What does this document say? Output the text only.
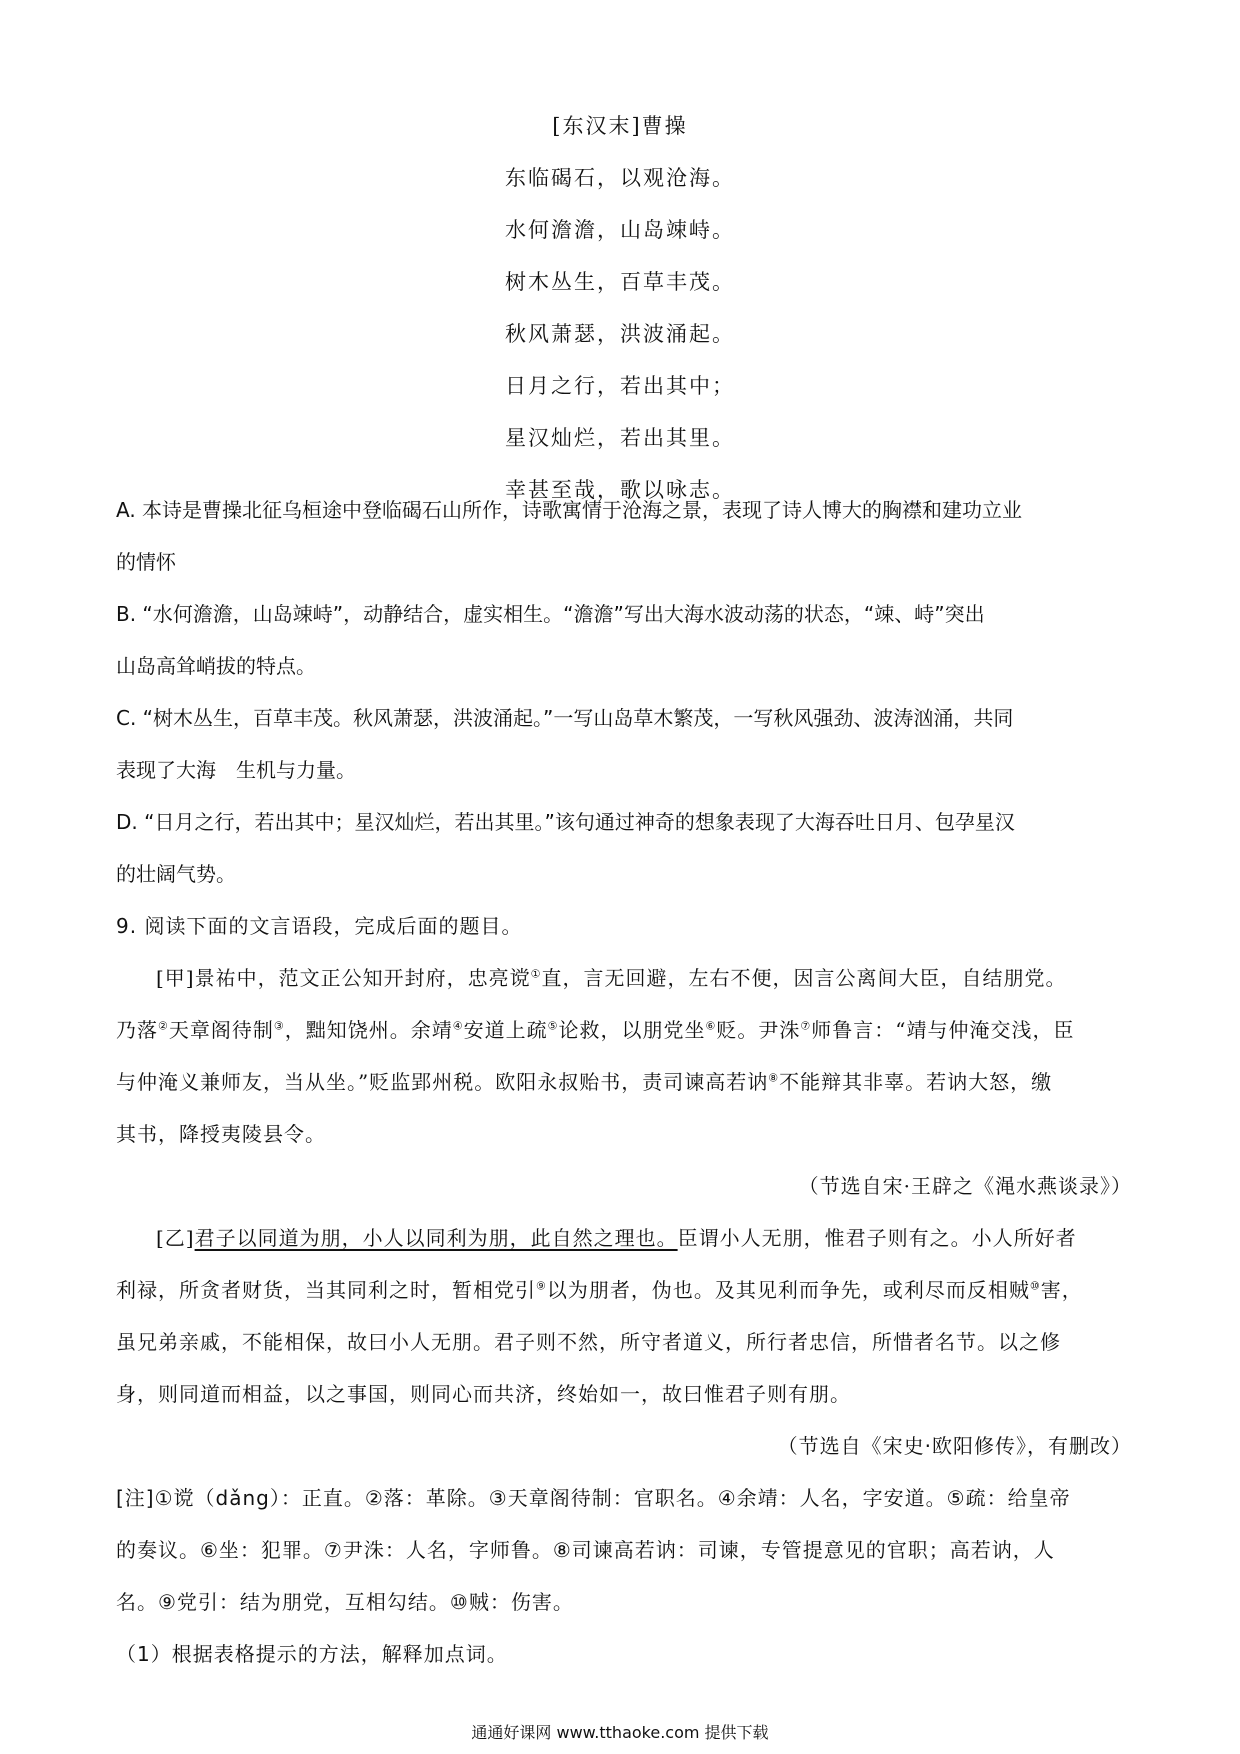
[东汉末]曹操
东临碣石，以观沧海。
水何澹澹，山岛竦峙。
树木丛生，百草丰茂。
秋风萧瑟，洪波涌起。
日月之行，若出其中；
星汉灿烂，若出其里。
幸甚至哉，歌以咏志。
A. 本诗是曹操北征乌桓途中登临碣石山所作，诗歌寓情于沧海之景，表现了诗人博大的胸襟和建功立业
的情怀
B. “水何澹澹，山岛竦峙”，动静结合，虚实相生。“澹澹”写出大海水波动荡的状态，“竦、峙”突出
山岛高耸峭拔的特点。
C. “树木丛生，百草丰茂。秋风萧瑟，洪波涌起。”一写山岛草木繁茂，一写秋风强劲、波涛汹涌，共同
表现了大海　生机与力量。
D. “日月之行，若出其中；星汉灿烂，若出其里。”该句通过神奇的想象表现了大海吞吐日月、包孕星汉
的壮阔气势。
9. 阅读下面的文言语段，完成后面的题目。
[甲]景祐中，范文正公知开封府，忠亮谠①直，言无回避，左右不便，因言公离间大臣，自结朋党。
乃落②天章阁待制③，黜知饶州。余靖④安道上疏⑤论救，以朋党坐⑥贬。尹洙⑦师鲁言：“靖与仲淹交浅，臣
与仲淹义兼师友，当从坐。”贬监郢州税。欧阳永叔贻书，责司谏高若讷⑧不能辩其非辜。若讷大怒，缴
其书，降授夷陵县令。
（节选自宋·王辟之《渑水燕谈录》）
[乙]君子以同道为朋，小人以同利为朋，此自然之理也。臣谓小人无朋，惟君子则有之。小人所好者
利禄，所贪者财货，当其同利之时，暂相党引⑨以为朋者，伪也。及其见利而争先，或利尽而反相贼⑩害，
虽兄弟亲戚，不能相保，故曰小人无朋。君子则不然，所守者道义，所行者忠信，所惜者名节。以之修
身，则同道而相益，以之事国，则同心而共济，终始如一，故曰惟君子则有朋。
（节选自《宋史·欧阳修传》，有删改）
[注]①谠（dǎng）：正直。②落：革除。③天章阁待制：官职名。④余靖：人名，字安道。⑤疏：给皇帝
的奏议。⑥坐：犯罪。⑦尹洙：人名，字师鲁。⑧司谏高若讷：司谏，专管提意见的官职；高若讷，人
名。⑨党引：结为朋党，互相勾结。⑩贼：伤害。
（1）根据表格提示的方法，解释加点词。
通通好课网 www.tthaoke.com 提供下载
